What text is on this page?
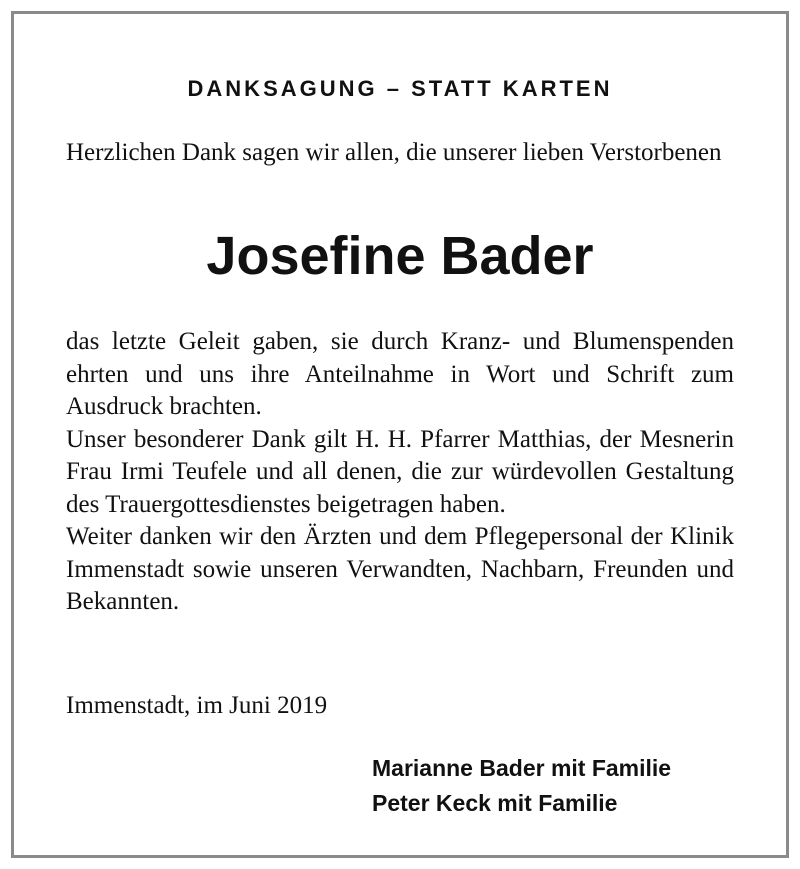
DANKSAGUNG – STATT KARTEN
Herzlichen Dank sagen wir allen, die unserer lieben Verstorbenen
Josefine Bader

das letzte Geleit gaben, sie durch Kranz- und Blumenspenden ehrten und uns ihre Anteilnahme in Wort und Schrift zum Ausdruck brachten.

Unser besonderer Dank gilt H. H. Pfarrer Matthias, der Mesnerin Frau Irmi Teufele und all denen, die zur würdevollen Gestaltung des Trauergottesdienstes beigetragen haben.

Weiter danken wir den Ärzten und dem Pflegepersonal der Klinik Immenstadt sowie unseren Verwandten, Nachbarn, Freunden und Bekannten.

Immenstadt, im Juni 2019
Marianne Bader mit Familie
Peter Keck mit Familie
